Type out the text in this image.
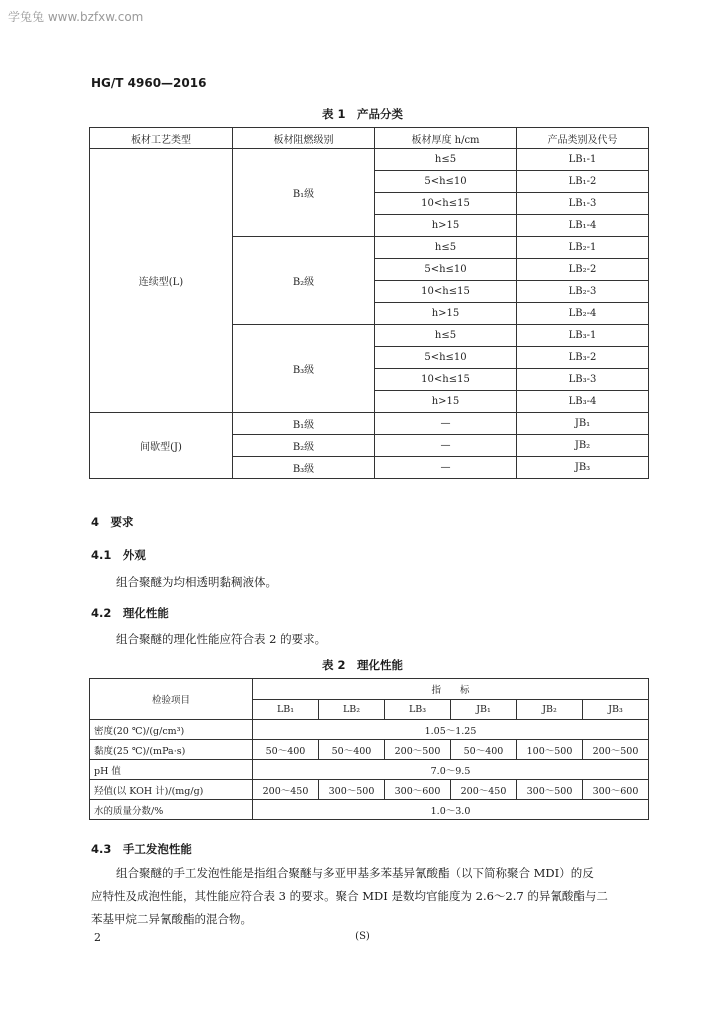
学兔兔 www.bzfxw.com
HG/T 4960—2016
表 1　产品分类
板材工艺类型	板材阻燃级别	板材厚度 h/cm	产品类别及代号
连续型(L)	B₁级	h≤5	LB₁-1
		5<h≤10	LB₁-2
		10<h≤15	LB₁-3
		h>15	LB₁-4
	B₂级	h≤5	LB₂-1
		5<h≤10	LB₂-2
		10<h≤15	LB₂-3
		h>15	LB₂-4
	B₃级	h≤5	LB₃-1
		5<h≤10	LB₃-2
		10<h≤15	LB₃-3
		h>15	LB₃-4
间歇型(J)	B₁级	—	JB₁
	B₂级	—	JB₂
	B₃级	—	JB₃
4　要求
4.1　外观
组合聚醚为均相透明黏稠液体。
4.2　理化性能
组合聚醚的理化性能应符合表 2 的要求。
表 2　理化性能
检验项目	指　　标					
	LB₁	LB₂	LB₃	JB₁	JB₂	JB₃
密度(20 ℃)/(g/cm³)	1.05～1.25					
黏度(25 ℃)/(mPa·s)	50～400	50～400	200～500	50～400	100～500	200～500
pH 值	7.0～9.5					
羟值(以 KOH 计)/(mg/g)	200～450	300～500	300～600	200～450	300～500	300～600
水的质量分数/%	1.0～3.0					
4.3　手工发泡性能
组合聚醚的手工发泡性能是指组合聚醚与多亚甲基多苯基异氰酸酯（以下简称聚合 MDI）的反
应特性及成泡性能，其性能应符合表 3 的要求。聚合 MDI 是数均官能度为 2.6～2.7 的异氰酸酯与二
苯基甲烷二异氰酸酯的混合物。
2	(S)
